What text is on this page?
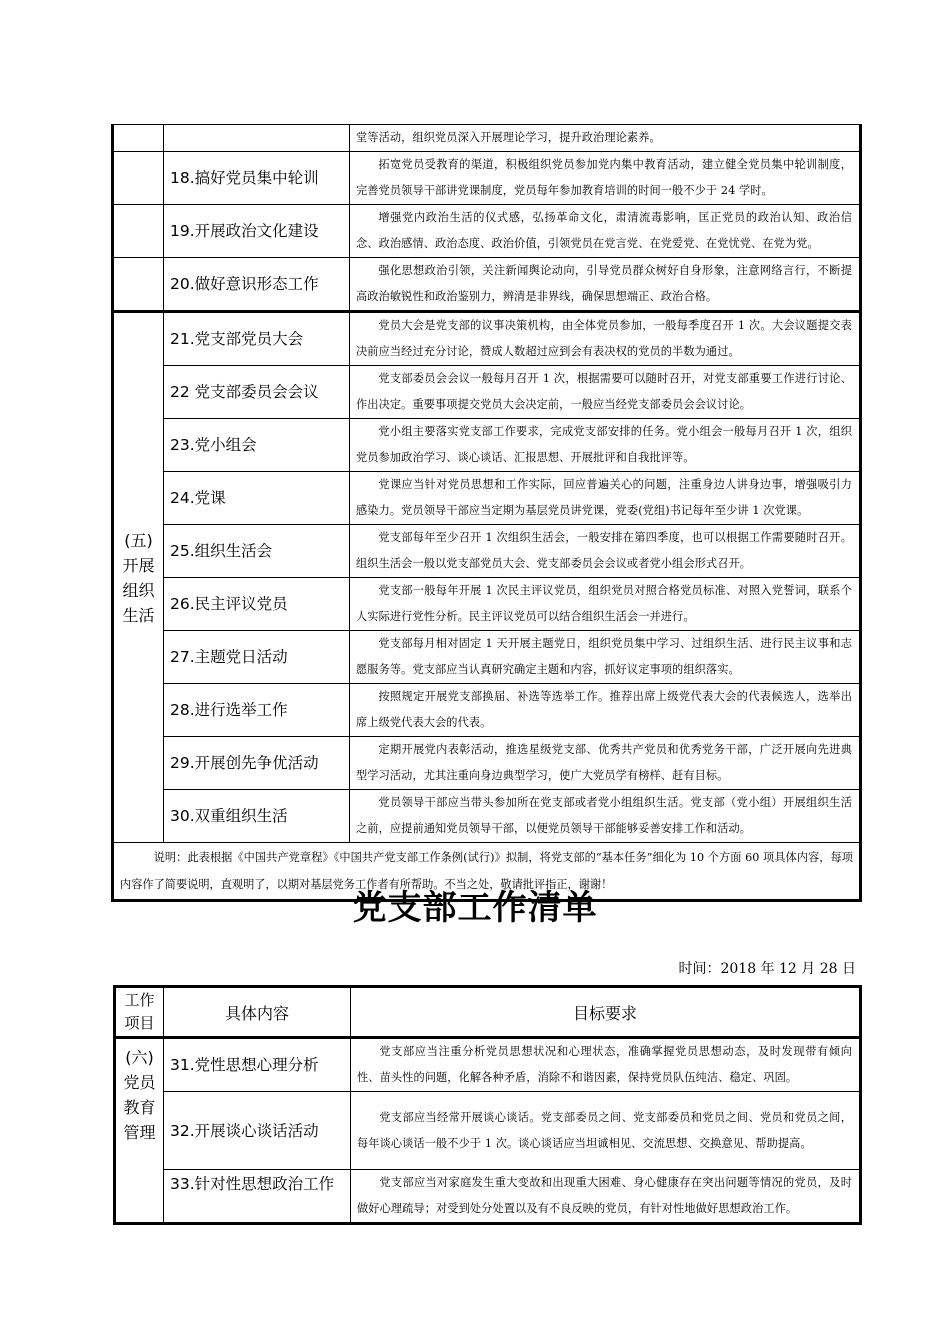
		堂等活动，组织党员深入开展理论学习，提升政治理论素养。
	18.搞好党员集中轮训	拓宽党员受教育的渠道，积极组织党员参加党内集中教育活动，建立健全党员集中轮训制度，完善党员领导干部讲党课制度，党员每年参加教育培训的时间一般不少于 24 学时。
	19.开展政治文化建设	增强党内政治生活的仪式感，弘扬革命文化，肃清流毒影响，匡正党员的政治认知、政治信念、政治感情、政治态度、政治价值，引领党员在党言党、在党爱党、在党忧党、在党为党。
	20.做好意识形态工作	强化思想政治引领，关注新闻舆论动向，引导党员群众树好自身形象，注意网络言行，不断提高政治敏锐性和政治鉴别力，辨清是非界线，确保思想端正、政治合格。

(五)
开展
组织
生活	21.党支部党员大会	党员大会是党支部的议事决策机构，由全体党员参加，一般每季度召开 1 次。大会议题提交表决前应当经过充分讨论，赞成人数超过应到会有表决权的党员的半数为通过。
	22 党支部委员会会议	党支部委员会会议一般每月召开 1 次，根据需要可以随时召开，对党支部重要工作进行讨论、作出决定。重要事项提交党员大会决定前，一般应当经党支部委员会会议讨论。
	23.党小组会	党小组主要落实党支部工作要求，完成党支部安排的任务。党小组会一般每月召开 1 次，组织党员参加政治学习、谈心谈话、汇报思想、开展批评和自我批评等。
	24.党课	党课应当针对党员思想和工作实际，回应普遍关心的问题，注重身边人讲身边事，增强吸引力感染力。党员领导干部应当定期为基层党员讲党课，党委(党组)书记每年至少讲 1 次党课。
	25.组织生活会	党支部每年至少召开 1 次组织生活会，一般安排在第四季度，也可以根据工作需要随时召开。组织生活会一般以党支部党员大会、党支部委员会会议或者党小组会形式召开。
	26.民主评议党员	党支部一般每年开展 1 次民主评议党员，组织党员对照合格党员标准、对照入党誓词，联系个人实际进行党性分析。民主评议党员可以结合组织生活会一并进行。
	27.主题党日活动	党支部每月相对固定 1 天开展主题党日，组织党员集中学习、过组织生活、进行民主议事和志愿服务等。党支部应当认真研究确定主题和内容，抓好议定事项的组织落实。
	28.进行选举工作	按照规定开展党支部换届、补选等选举工作。推荐出席上级党代表大会的代表候选人，选举出席上级党代表大会的代表。
	29.开展创先争优活动	定期开展党内表彰活动，推选星级党支部、优秀共产党员和优秀党务干部，广泛开展向先进典型学习活动，尤其注重向身边典型学习，使广大党员学有榜样、赶有目标。
	30.双重组织生活	党员领导干部应当带头参加所在党支部或者党小组组织生活。党支部（党小组）开展组织生活之前，应提前通知党员领导干部，以便党员领导干部能够妥善安排工作和活动。
说明：此表根据《中国共产党章程》《中国共产党支部工作条例(试行)》拟制，将党支部的“基本任务”细化为 10 个方面 60 项具体内容，每项内容作了简要说明，直观明了，以期对基层党务工作者有所帮助。不当之处，敬请批评指正，谢谢！		
党支部工作清单
时间：2018 年 12 月 28 日
工作项目	具体内容	目标要求

(六)
党员
教育
管理	31.党性思想心理分析	党支部应当注重分析党员思想状况和心理状态，准确掌握党员思想动态，及时发现带有倾向性、苗头性的问题，化解各种矛盾，消除不和谐因素，保持党员队伍纯洁、稳定、巩固。
	32.开展谈心谈话活动	党支部应当经常开展谈心谈话。党支部委员之间、党支部委员和党员之间、党员和党员之间，每年谈心谈话一般不少于 1 次。谈心谈话应当坦诚相见、交流思想、交换意见、帮助提高。
	33.针对性思想政治工作	党支部应当对家庭发生重大变故和出现重大困难、身心健康存在突出问题等情况的党员，及时做好心理疏导；对受到处分处置以及有不良反映的党员，有针对性地做好思想政治工作。
